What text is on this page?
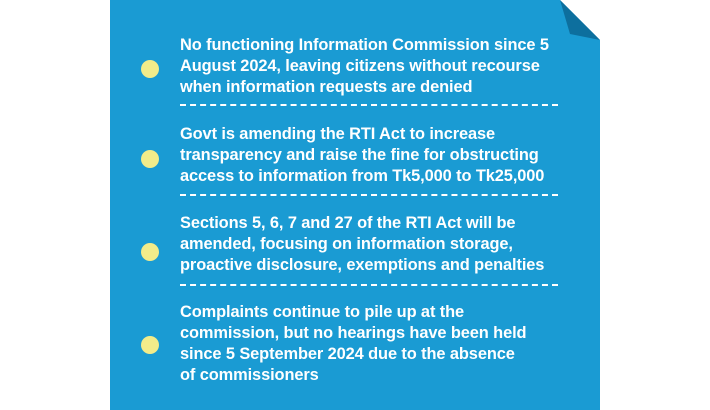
No functioning Information Commission since 5
August 2024, leaving citizens without recourse
when information requests are denied
Govt is amending the RTI Act to increase
transparency and raise the fine for obstructing
access to information from Tk5,000 to Tk25,000
Sections 5, 6, 7 and 27 of the RTI Act will be
amended, focusing on information storage,
proactive disclosure, exemptions and penalties
Complaints continue to pile up at the
commission, but no hearings have been held
since 5 September 2024 due to the absence
of commissioners
